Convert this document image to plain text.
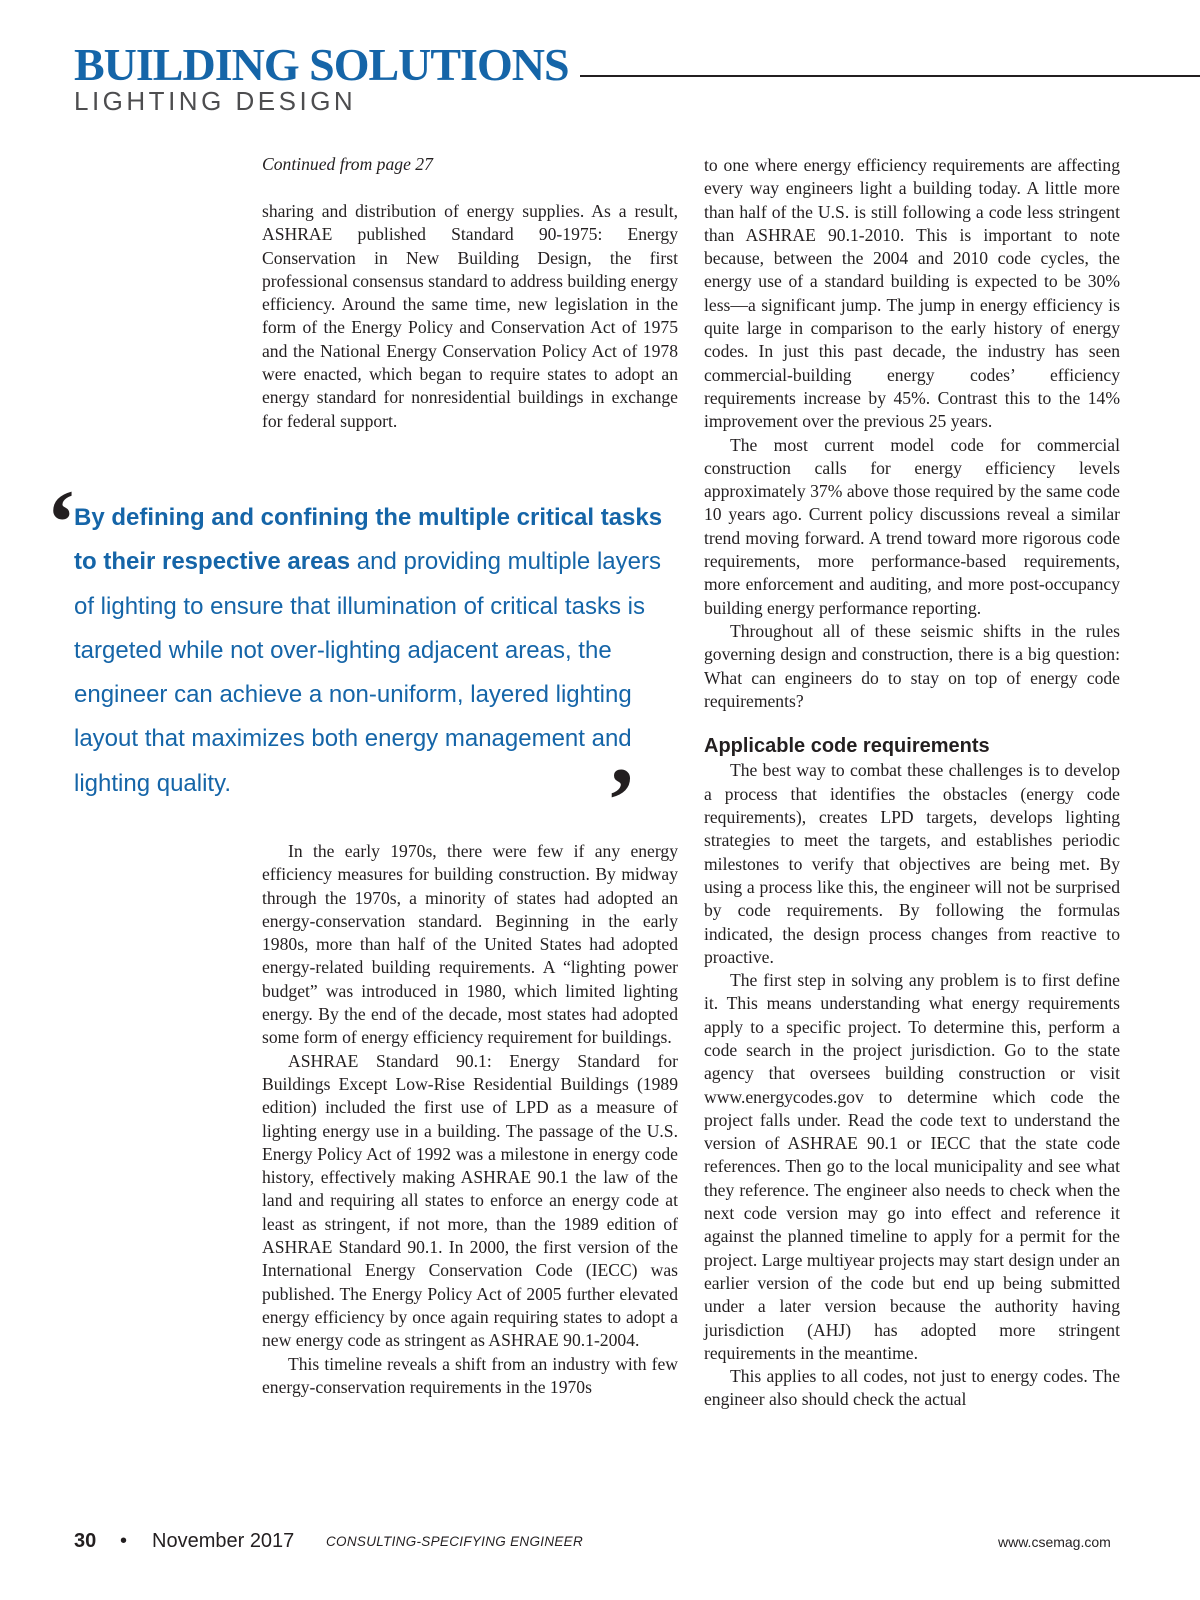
BUILDING SOLUTIONS
LIGHTING DESIGN
Continued from page 27

sharing and distribution of energy supplies. As a result, ASHRAE published Standard 90-1975: Energy Conservation in New Building Design, the first professional consensus standard to address building energy efficiency. Around the same time, new legislation in the form of the Energy Policy and Conservation Act of 1975 and the National Energy Conservation Policy Act of 1978 were enacted, which began to require states to adopt an energy standard for nonresidential buildings in exchange for federal support.

‘
By defining and confining the multiple critical tasks to their respective areas and providing multiple layers of lighting to ensure that illumination of critical tasks is targeted while not over-lighting adjacent areas, the engineer can achieve a non-uniform, layered lighting layout that maximizes both energy management and lighting quality.	’

In the early 1970s, there were few if any energy efficiency measures for building construction. By midway through the 1970s, a minority of states had adopted an energy-conservation standard. Beginning in the early 1980s, more than half of the United States had adopted energy-related building requirements. A “lighting power budget” was introduced in 1980, which limited lighting energy. By the end of the decade, most states had adopted some form of energy efficiency requirement for buildings.

ASHRAE Standard 90.1: Energy Standard for Buildings Except Low-Rise Residential Buildings (1989 edition) included the first use of LPD as a measure of lighting energy use in a building. The passage of the U.S. Energy Policy Act of 1992 was a milestone in energy code history, effectively making ASHRAE 90.1 the law of the land and requiring all states to enforce an energy code at least as stringent, if not more, than the 1989 edition of ASHRAE Standard 90.1. In 2000, the first version of the International Energy Conservation Code (IECC) was published. The Energy Policy Act of 2005 further elevated energy efficiency by once again requiring states to adopt a new energy code as stringent as ASHRAE 90.1-2004.

This timeline reveals a shift from an industry with few energy-conservation requirements in the 1970s

to one where energy efficiency requirements are affecting every way engineers light a building today. A little more than half of the U.S. is still following a code less stringent than ASHRAE 90.1-2010. This is important to note because, between the 2004 and 2010 code cycles, the energy use of a standard building is expected to be 30% less—a significant jump. The jump in energy efficiency is quite large in comparison to the early history of energy codes. In just this past decade, the industry has seen commercial-building energy codes’ efficiency requirements increase by 45%. Contrast this to the 14% improvement over the previous 25 years.

The most current model code for commercial construction calls for energy efficiency levels approximately 37% above those required by the same code 10 years ago. Current policy discussions reveal a similar trend moving forward. A trend toward more rigorous code requirements, more performance-based requirements, more enforcement and auditing, and more post-occupancy building energy performance reporting.

Throughout all of these seismic shifts in the rules governing design and construction, there is a big question: What can engineers do to stay on top of energy code requirements?

Applicable code requirements

The best way to combat these challenges is to develop a process that identifies the obstacles (energy code requirements), creates LPD targets, develops lighting strategies to meet the targets, and establishes periodic milestones to verify that objectives are being met. By using a process like this, the engineer will not be surprised by code requirements. By following the formulas indicated, the design process changes from reactive to proactive.

The first step in solving any problem is to first define it. This means understanding what energy requirements apply to a specific project. To determine this, perform a code search in the project jurisdiction. Go to the state agency that oversees building construction or visit www.energycodes.gov to determine which code the project falls under. Read the code text to understand the version of ASHRAE 90.1 or IECC that the state code references. Then go to the local municipality and see what they reference. The engineer also needs to check when the next code version may go into effect and reference it against the planned timeline to apply for a permit for the project. Large multiyear projects may start design under an earlier version of the code but end up being submitted under a later version because the authority having jurisdiction (AHJ) has adopted more stringent requirements in the meantime.

This applies to all codes, not just to energy codes. The engineer also should check the actual

30 • November 2017 CONSULTING-SPECIFYING ENGINEER	www.csemag.com
